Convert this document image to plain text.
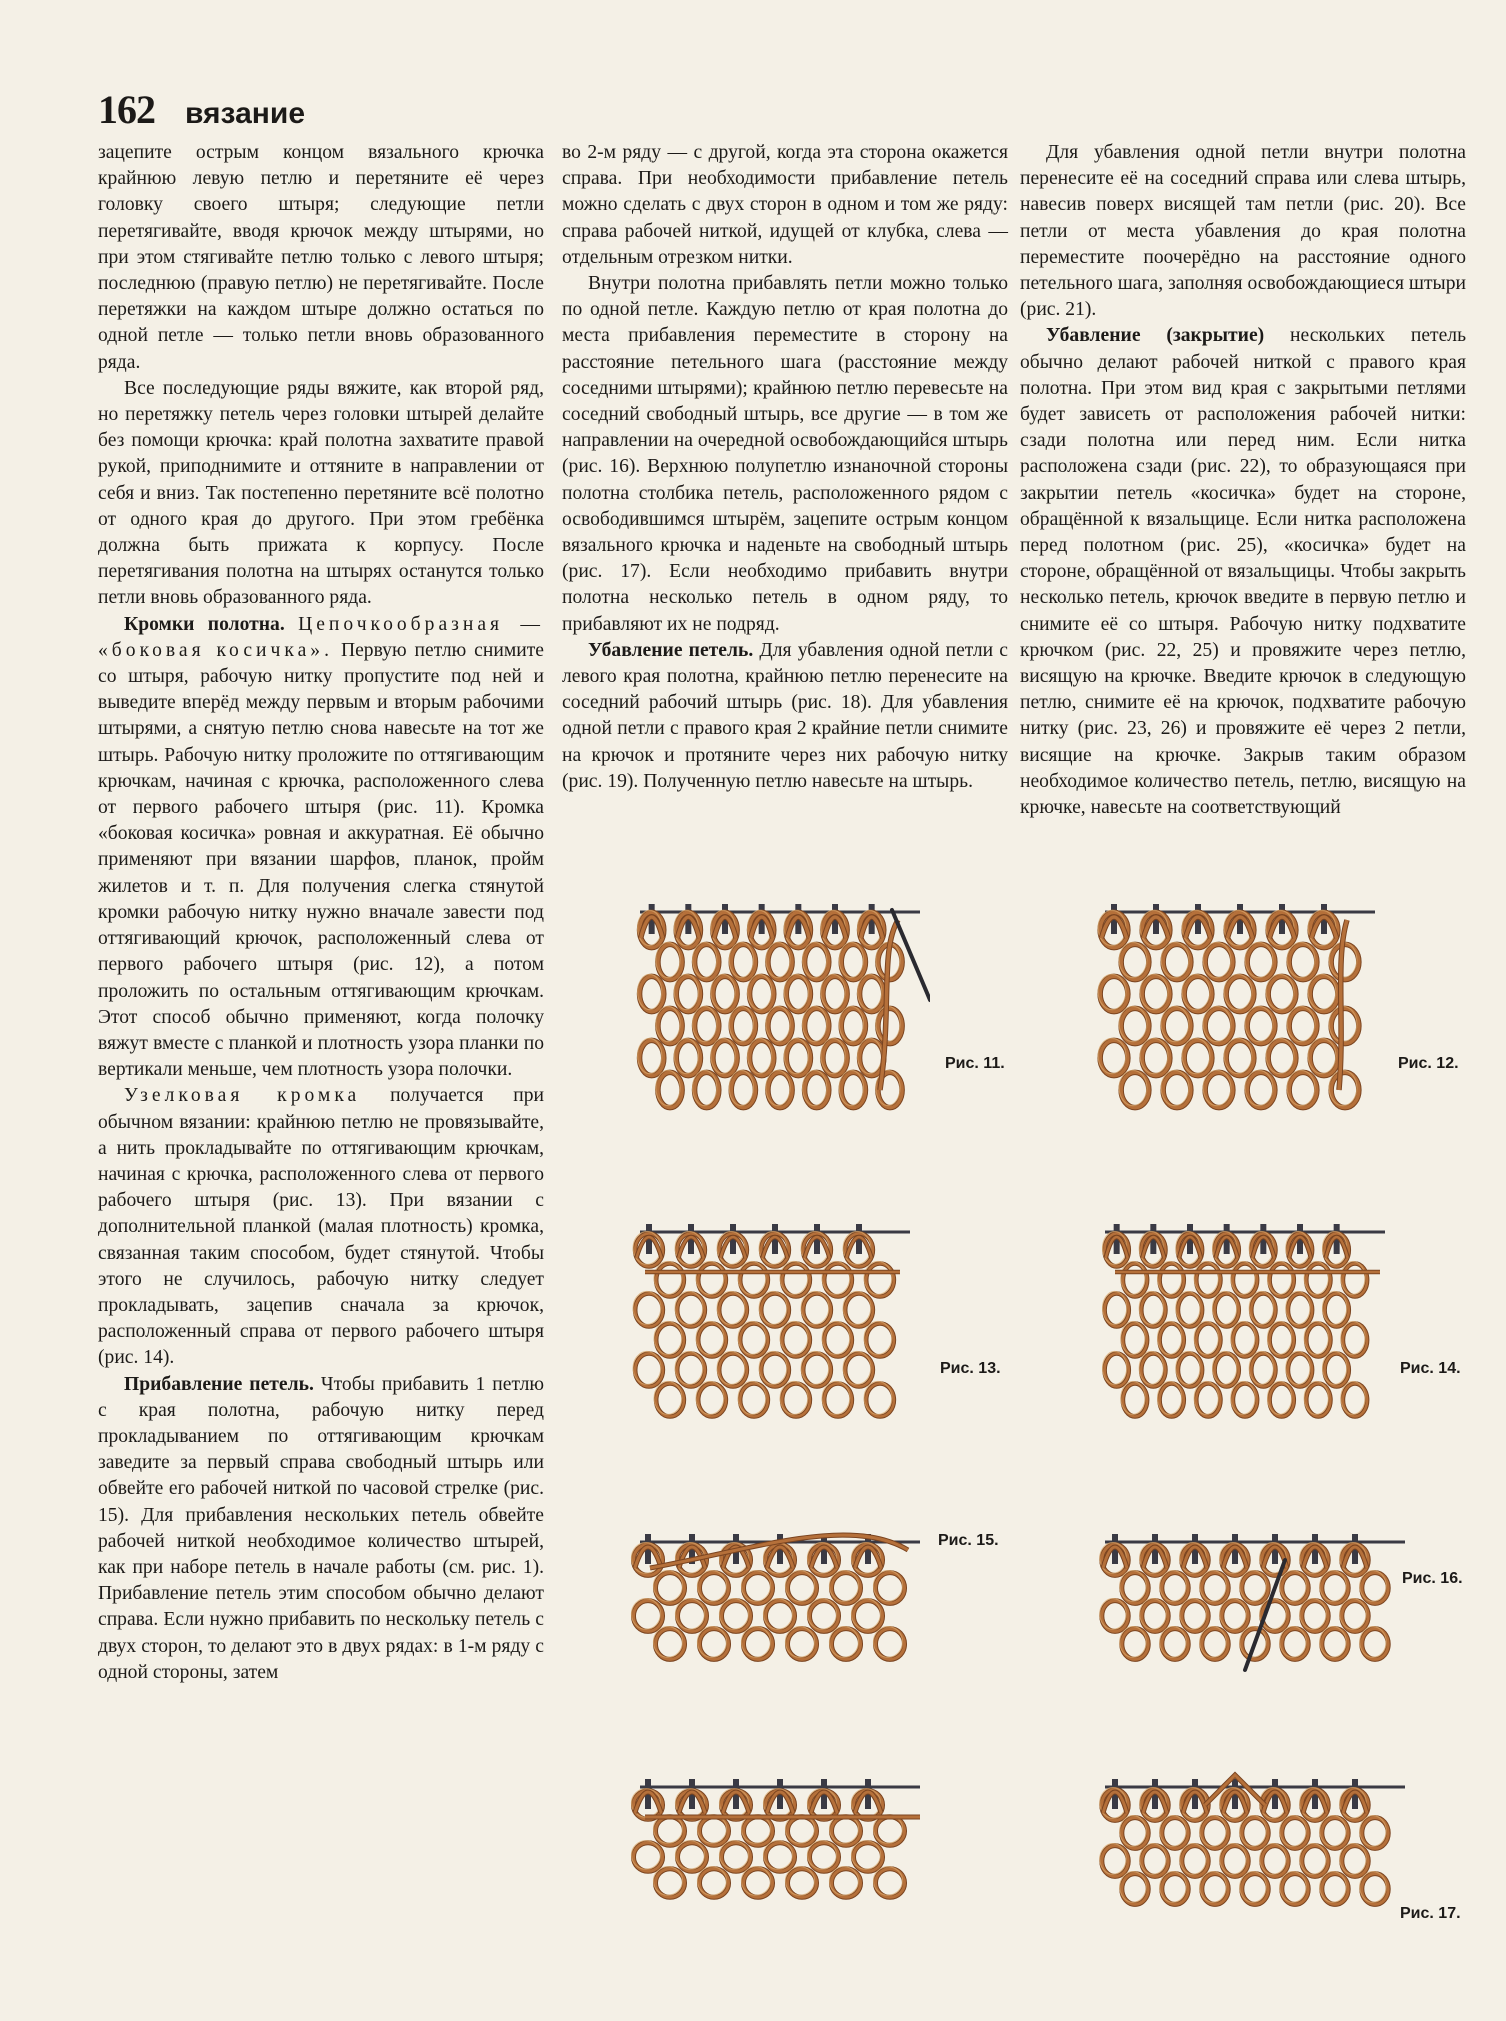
162 вязание

зацепите острым концом вязального крючка крайнюю левую петлю и перетяните её через головку своего штыря; следующие петли перетягивайте, вводя крючок между штырями, но при этом стягивайте петлю только с левого штыря; последнюю (правую петлю) не перетягивайте. После перетяжки на каждом штыре должно остаться по одной петле — только петли вновь образованного ряда.

Все последующие ряды вяжите, как второй ряд, но перетяжку петель через головки штырей делайте без помощи крючка: край полотна захватите правой рукой, приподнимите и оттяните в направлении от себя и вниз. Так постепенно перетяните всё полотно от одного края до другого. При этом гребёнка должна быть прижата к корпусу. После перетягивания полотна на штырях останутся только петли вновь образованного ряда.

Кромки полотна. Цепочкообразная — «боковая косичка». Первую петлю снимите со штыря, рабочую нитку пропустите под ней и выведите вперёд между первым и вторым рабочими штырями, а снятую петлю снова навесьте на тот же штырь. Рабочую нитку проложите по оттягивающим крючкам, начиная с крючка, расположенного слева от первого рабочего штыря (рис. 11). Кромка «боковая косичка» ровная и аккуратная. Её обычно применяют при вязании шарфов, планок, пройм жилетов и т. п. Для получения слегка стянутой кромки рабочую нитку нужно вначале завести под оттягивающий крючок, расположенный слева от первого рабочего штыря (рис. 12), а потом проложить по остальным оттягивающим крючкам. Этот способ обычно применяют, когда полочку вяжут вместе с планкой и плотность узора планки по вертикали меньше, чем плотность узора полочки.

Узелковая кромка получается при обычном вязании: крайнюю петлю не провязывайте, а нить прокладывайте по оттягивающим крючкам, начиная с крючка, расположенного слева от первого рабочего штыря (рис. 13). При вязании с дополнительной планкой (малая плотность) кромка, связанная таким способом, будет стянутой. Чтобы этого не случилось, рабочую нитку следует прокладывать, зацепив сначала за крючок, расположенный справа от первого рабочего штыря (рис. 14).

Прибавление петель. Чтобы прибавить 1 петлю с края полотна, рабочую нитку перед прокладыванием по оттягивающим крючкам заведите за первый справа свободный штырь или обвейте его рабочей ниткой по часовой стрелке (рис. 15). Для прибавления нескольких петель обвейте рабочей ниткой необходимое количество штырей, как при наборе петель в начале работы (см. рис. 1). Прибавление петель этим способом обычно делают справа. Если нужно прибавить по нескольку петель с двух сторон, то делают это в двух рядах: в 1-м ряду с одной стороны, затем

во 2-м ряду — с другой, когда эта сторона окажется справа. При необходимости прибавление петель можно сделать с двух сторон в одном и том же ряду: справа рабочей ниткой, идущей от клубка, слева — отдельным отрезком нитки.

Внутри полотна прибавлять петли можно только по одной петле. Каждую петлю от края полотна до места прибавления переместите в сторону на расстояние петельного шага (расстояние между соседними штырями); крайнюю петлю перевесьте на соседний свободный штырь, все другие — в том же направлении на очередной освобождающийся штырь (рис. 16). Верхнюю полупетлю изнаночной стороны полотна столбика петель, расположенного рядом с освободившимся штырём, зацепите острым концом вязального крючка и наденьте на свободный штырь (рис. 17). Если необходимо прибавить внутри полотна несколько петель в одном ряду, то прибавляют их не подряд.

Убавление петель. Для убавления одной петли с левого края полотна, крайнюю петлю перенесите на соседний рабочий штырь (рис. 18). Для убавления одной петли с правого края 2 крайние петли снимите на крючок и протяните через них рабочую нитку (рис. 19). Полученную петлю навесьте на штырь.

Для убавления одной петли внутри полотна перенесите её на соседний справа или слева штырь, навесив поверх висящей там петли (рис. 20). Все петли от места убавления до края полотна переместите поочерёдно на расстояние одного петельного шага, заполняя освобождающиеся штыри (рис. 21).

Убавление (закрытие) нескольких петель обычно делают рабочей ниткой с правого края полотна. При этом вид края с закрытыми петлями будет зависеть от расположения рабочей нитки: сзади полотна или перед ним. Если нитка расположена сзади (рис. 22), то образующаяся при закрытии петель «косичка» будет на стороне, обращённой к вязальщице. Если нитка расположена перед полотном (рис. 25), «косичка» будет на стороне, обращённой от вязальщицы. Чтобы закрыть несколько петель, крючок введите в первую петлю и снимите её со штыря. Рабочую нитку подхватите крючком (рис. 22, 25) и провяжите через петлю, висящую на крючке. Введите крючок в следующую петлю, снимите её на крючок, подхватите рабочую нитку (рис. 23, 26) и провяжите её через 2 петли, висящие на крючке. Закрыв таким образом необходимое количество петель, петлю, висящую на крючке, навесьте на соответствующий

Рис. 11.	Рис. 12.
Рис. 13.	Рис. 14.
Рис. 15.
Рис. 16.
Рис. 17.
